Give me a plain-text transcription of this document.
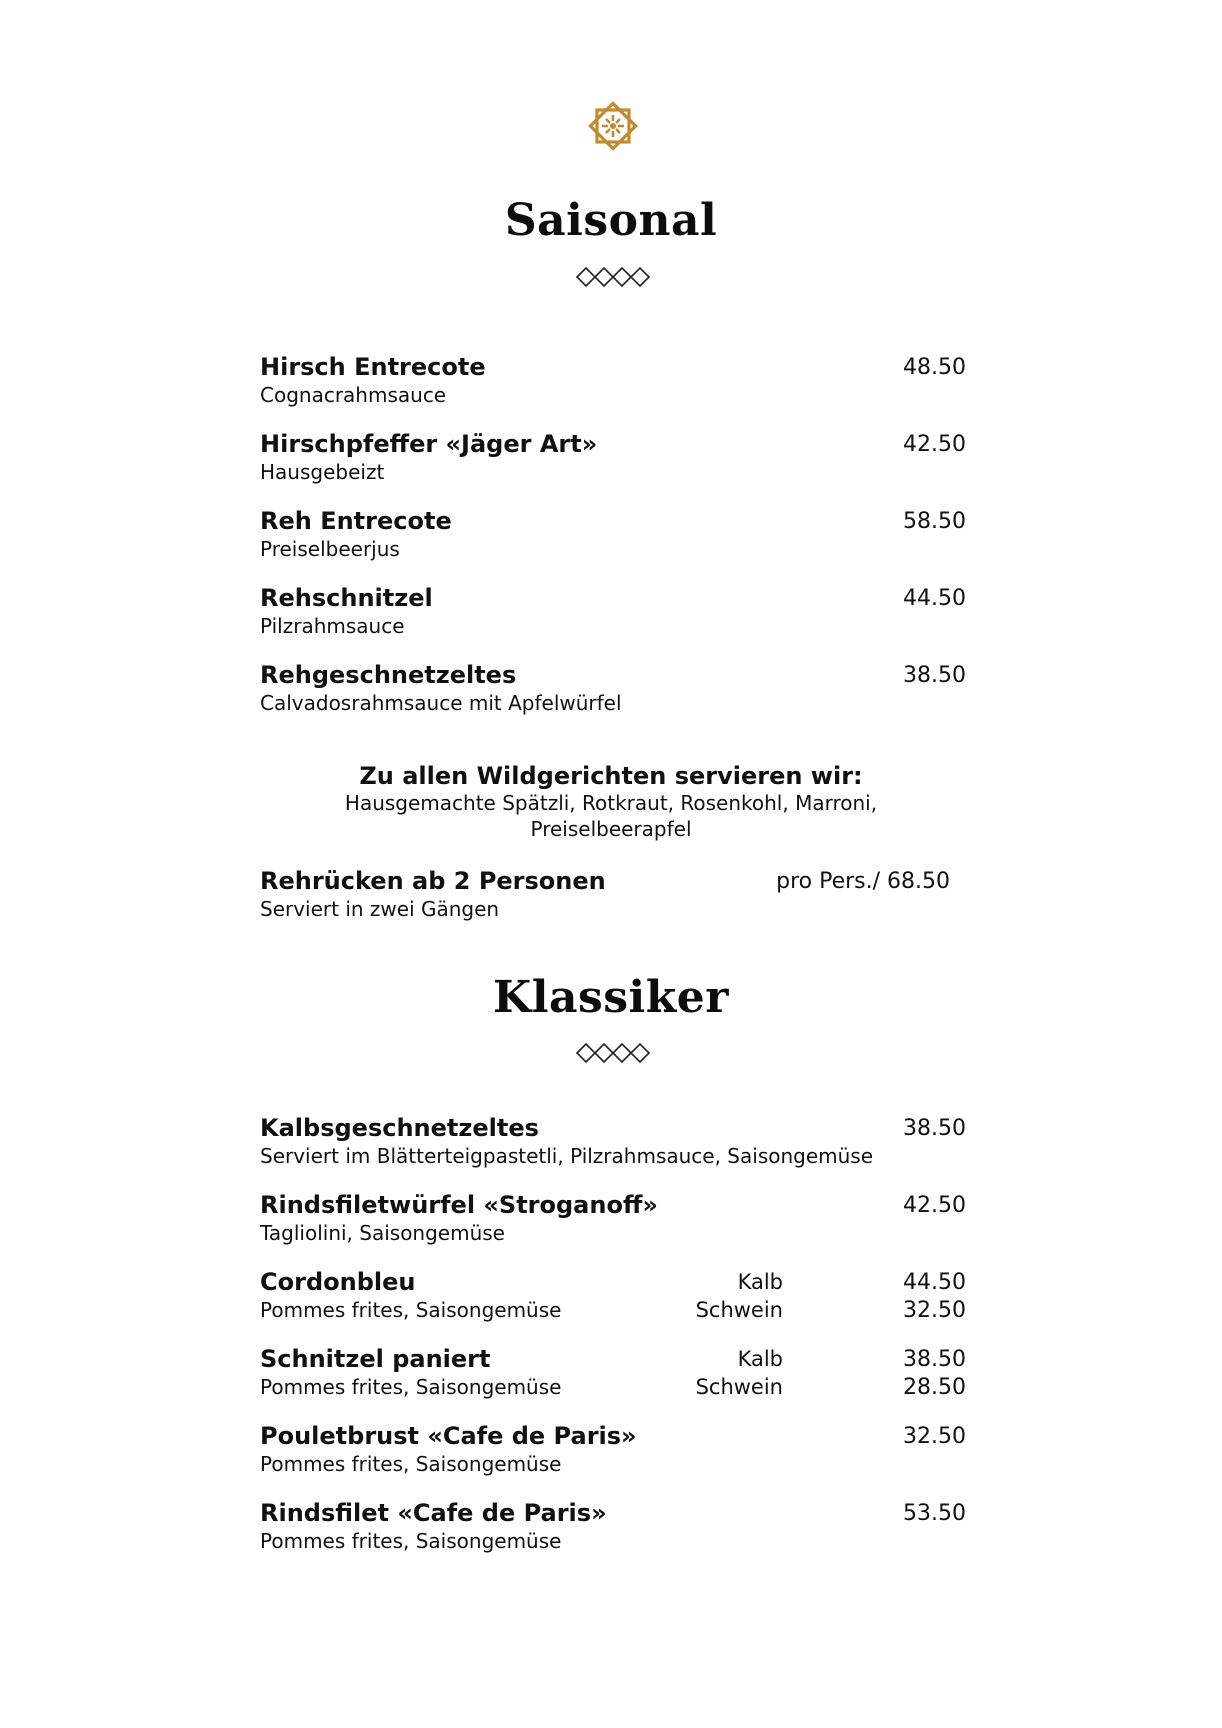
Saisonal
Hirsch Entrecote
Cognacrahmsauce
48.50
Hirschpfeffer «Jäger Art»
Hausgebeizt
42.50
Reh Entrecote
Preiselbeerjus
58.50
Rehschnitzel
Pilzrahmsauce
44.50
Rehgeschnetzeltes
Calvadosrahmsauce mit Apfelwürfel
38.50
Zu allen Wildgerichten servieren wir:
Hausgemachte Spätzli, Rotkraut, Rosenkohl, Marroni,
Preiselbeerapfel
Rehrücken ab 2 Personen
Serviert in zwei Gängen
pro Pers./ 68.50
Klassiker
Kalbsgeschnetzeltes
Serviert im Blätterteigpastetli, Pilzrahmsauce, Saisongemüse
38.50
Rindsfiletwürfel «Stroganoff»
Tagliolini, Saisongemüse
42.50
Cordonbleu
Pommes frites, Saisongemüse
Kalb	44.50
Schwein	32.50
Schnitzel paniert
Pommes frites, Saisongemüse
Kalb	38.50
Schwein	28.50
Pouletbrust «Cafe de Paris»
Pommes frites, Saisongemüse
32.50
Rindsfilet «Cafe de Paris»
Pommes frites, Saisongemüse
53.50
